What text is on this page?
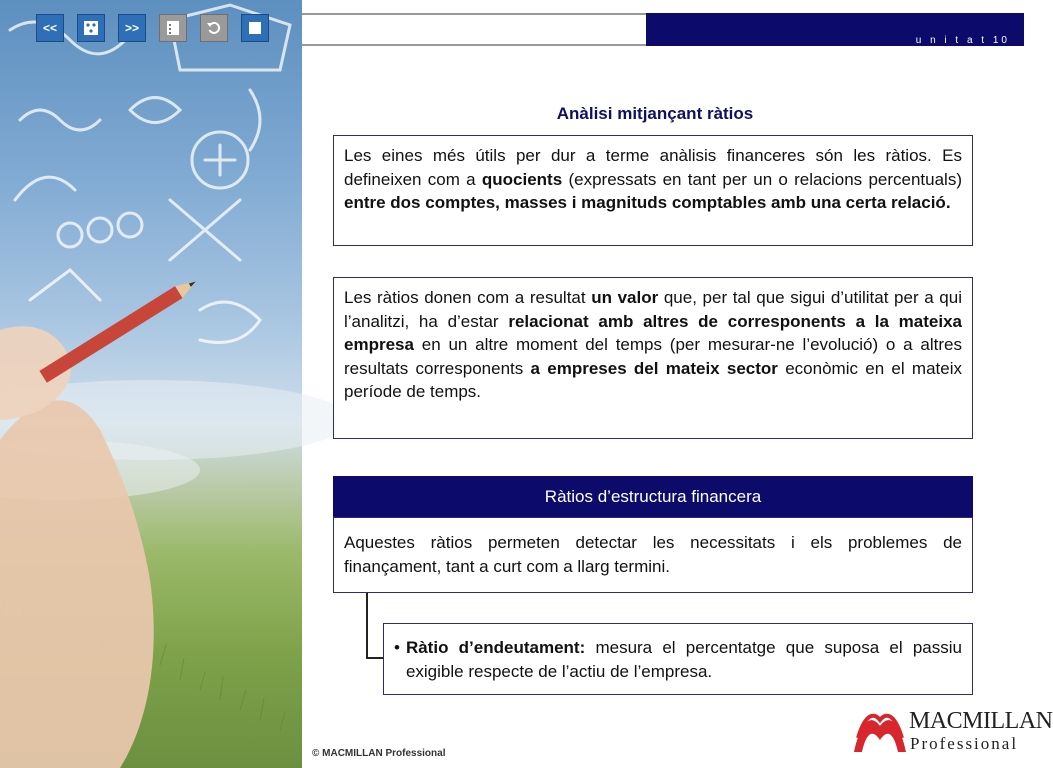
<<	>>
u n i t a t 10
Anàlisi mitjançant ràtios
Les eines més útils per dur a terme anàlisis financeres són les ràtios. Es defineixen com a quocients (expressats en tant per un o relacions percentuals) entre dos comptes, masses i magnituds comptables amb una certa relació.
Les ràtios donen com a resultat un valor que, per tal que sigui d’utilitat per a qui l’analitzi, ha d’estar relacionat amb altres de corresponents a la mateixa empresa en un altre moment del temps (per mesurar-ne l’evolució) o a altres resultats corresponents a empreses del mateix sector econòmic en el mateix període de temps.
Ràtios d’estructura financera
Aquestes ràtios permeten detectar les necessitats i els problemes de finançament, tant a curt com a llarg termini.
• Ràtio d’endeutament: mesura el percentatge que suposa el passiu exigible respecte de l’actiu de l’empresa.
© MACMILLAN Professional
MACMILLAN
Professional
